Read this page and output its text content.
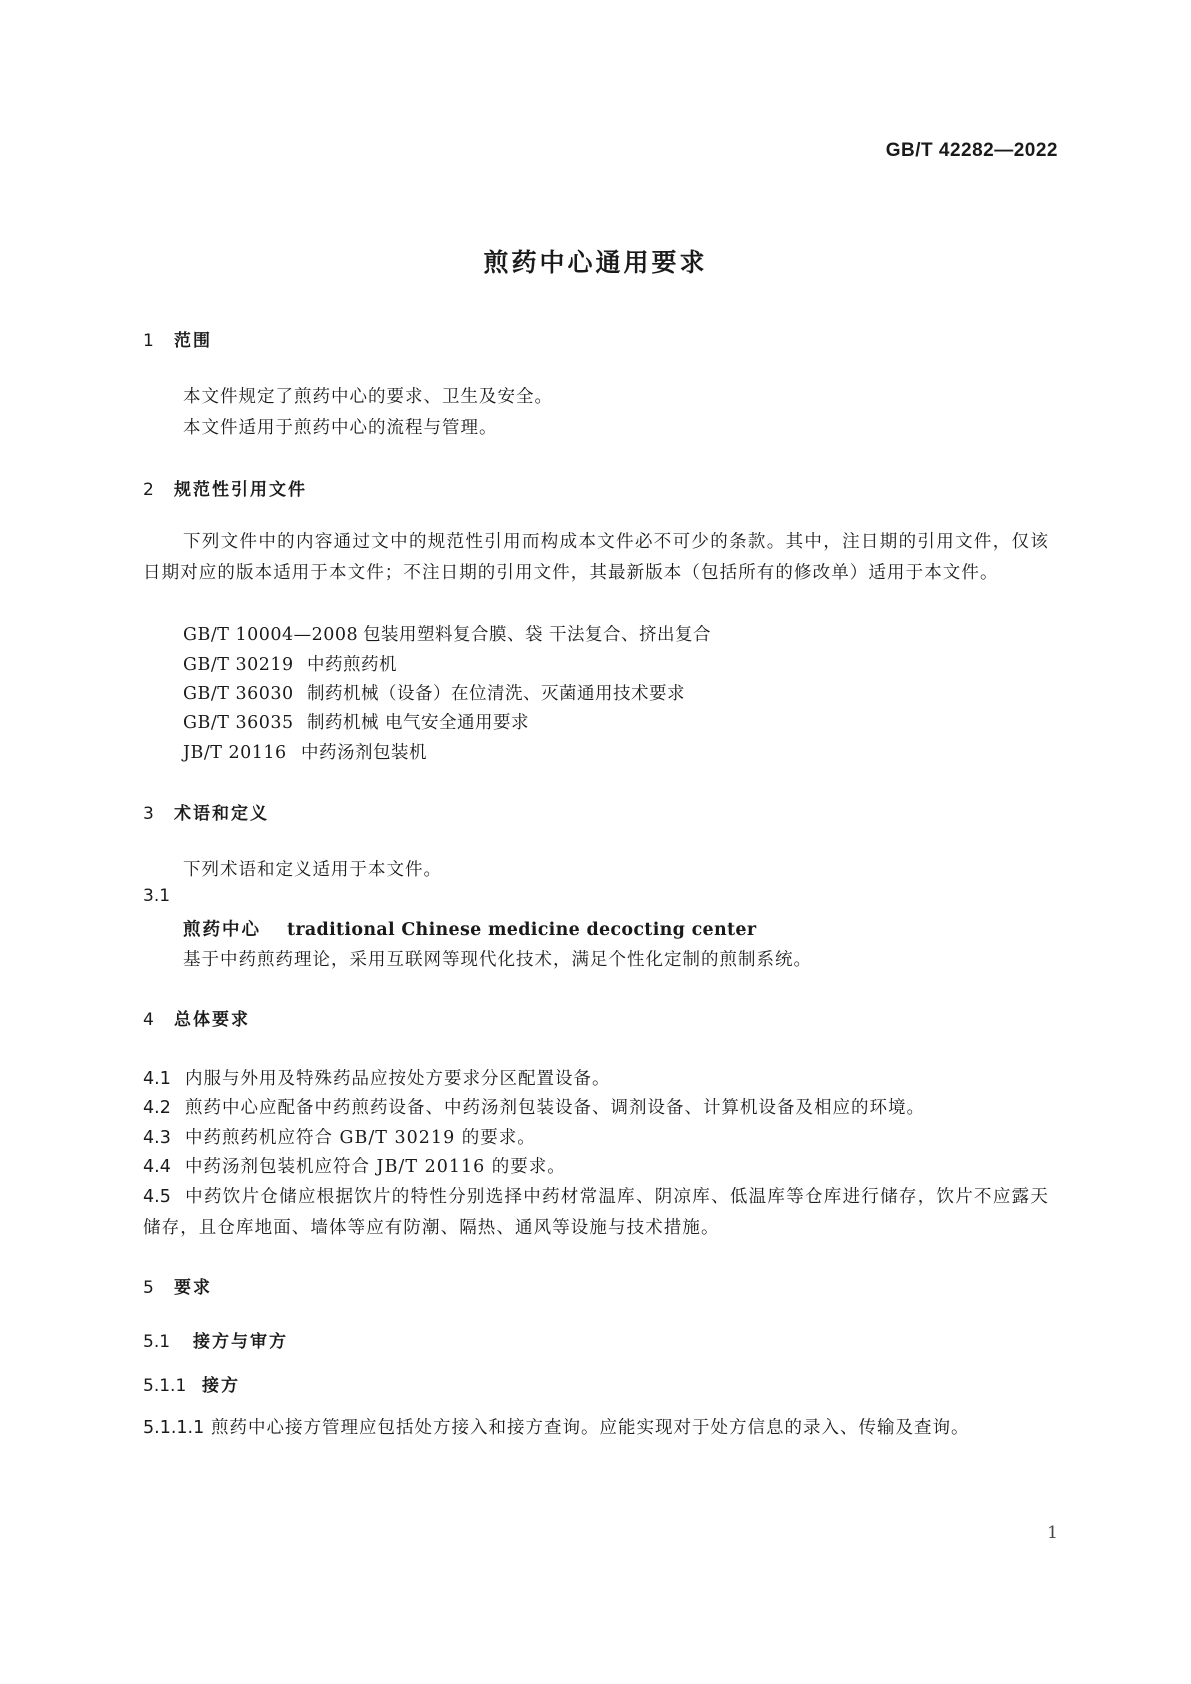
GB/T 42282—2022
煎药中心通用要求
1 范围
本文件规定了煎药中心的要求、卫生及安全。
本文件适用于煎药中心的流程与管理。
2 规范性引用文件
下列文件中的内容通过文中的规范性引用而构成本文件必不可少的条款。其中，注日期的引用文件，仅该日期对应的版本适用于本文件；不注日期的引用文件，其最新版本（包括所有的修改单）适用于本文件。
GB/T 10004—2008 包装用塑料复合膜、袋 干法复合、挤出复合
GB/T 30219 中药煎药机
GB/T 36030 制药机械（设备）在位清洗、灭菌通用技术要求
GB/T 36035 制药机械 电气安全通用要求
JB/T 20116 中药汤剂包装机
3 术语和定义
下列术语和定义适用于本文件。
3.1
煎药中心 traditional Chinese medicine decocting center
基于中药煎药理论，采用互联网等现代化技术，满足个性化定制的煎制系统。
4 总体要求
4.1 内服与外用及特殊药品应按处方要求分区配置设备。
4.2 煎药中心应配备中药煎药设备、中药汤剂包装设备、调剂设备、计算机设备及相应的环境。
4.3 中药煎药机应符合 GB/T 30219 的要求。
4.4 中药汤剂包装机应符合 JB/T 20116 的要求。
4.5 中药饮片仓储应根据饮片的特性分别选择中药材常温库、阴凉库、低温库等仓库进行储存，饮片不应露天储存，且仓库地面、墙体等应有防潮、隔热、通风等设施与技术措施。
5 要求
5.1 接方与审方
5.1.1 接方
5.1.1.1 煎药中心接方管理应包括处方接入和接方查询。应能实现对于处方信息的录入、传输及查询。
1
